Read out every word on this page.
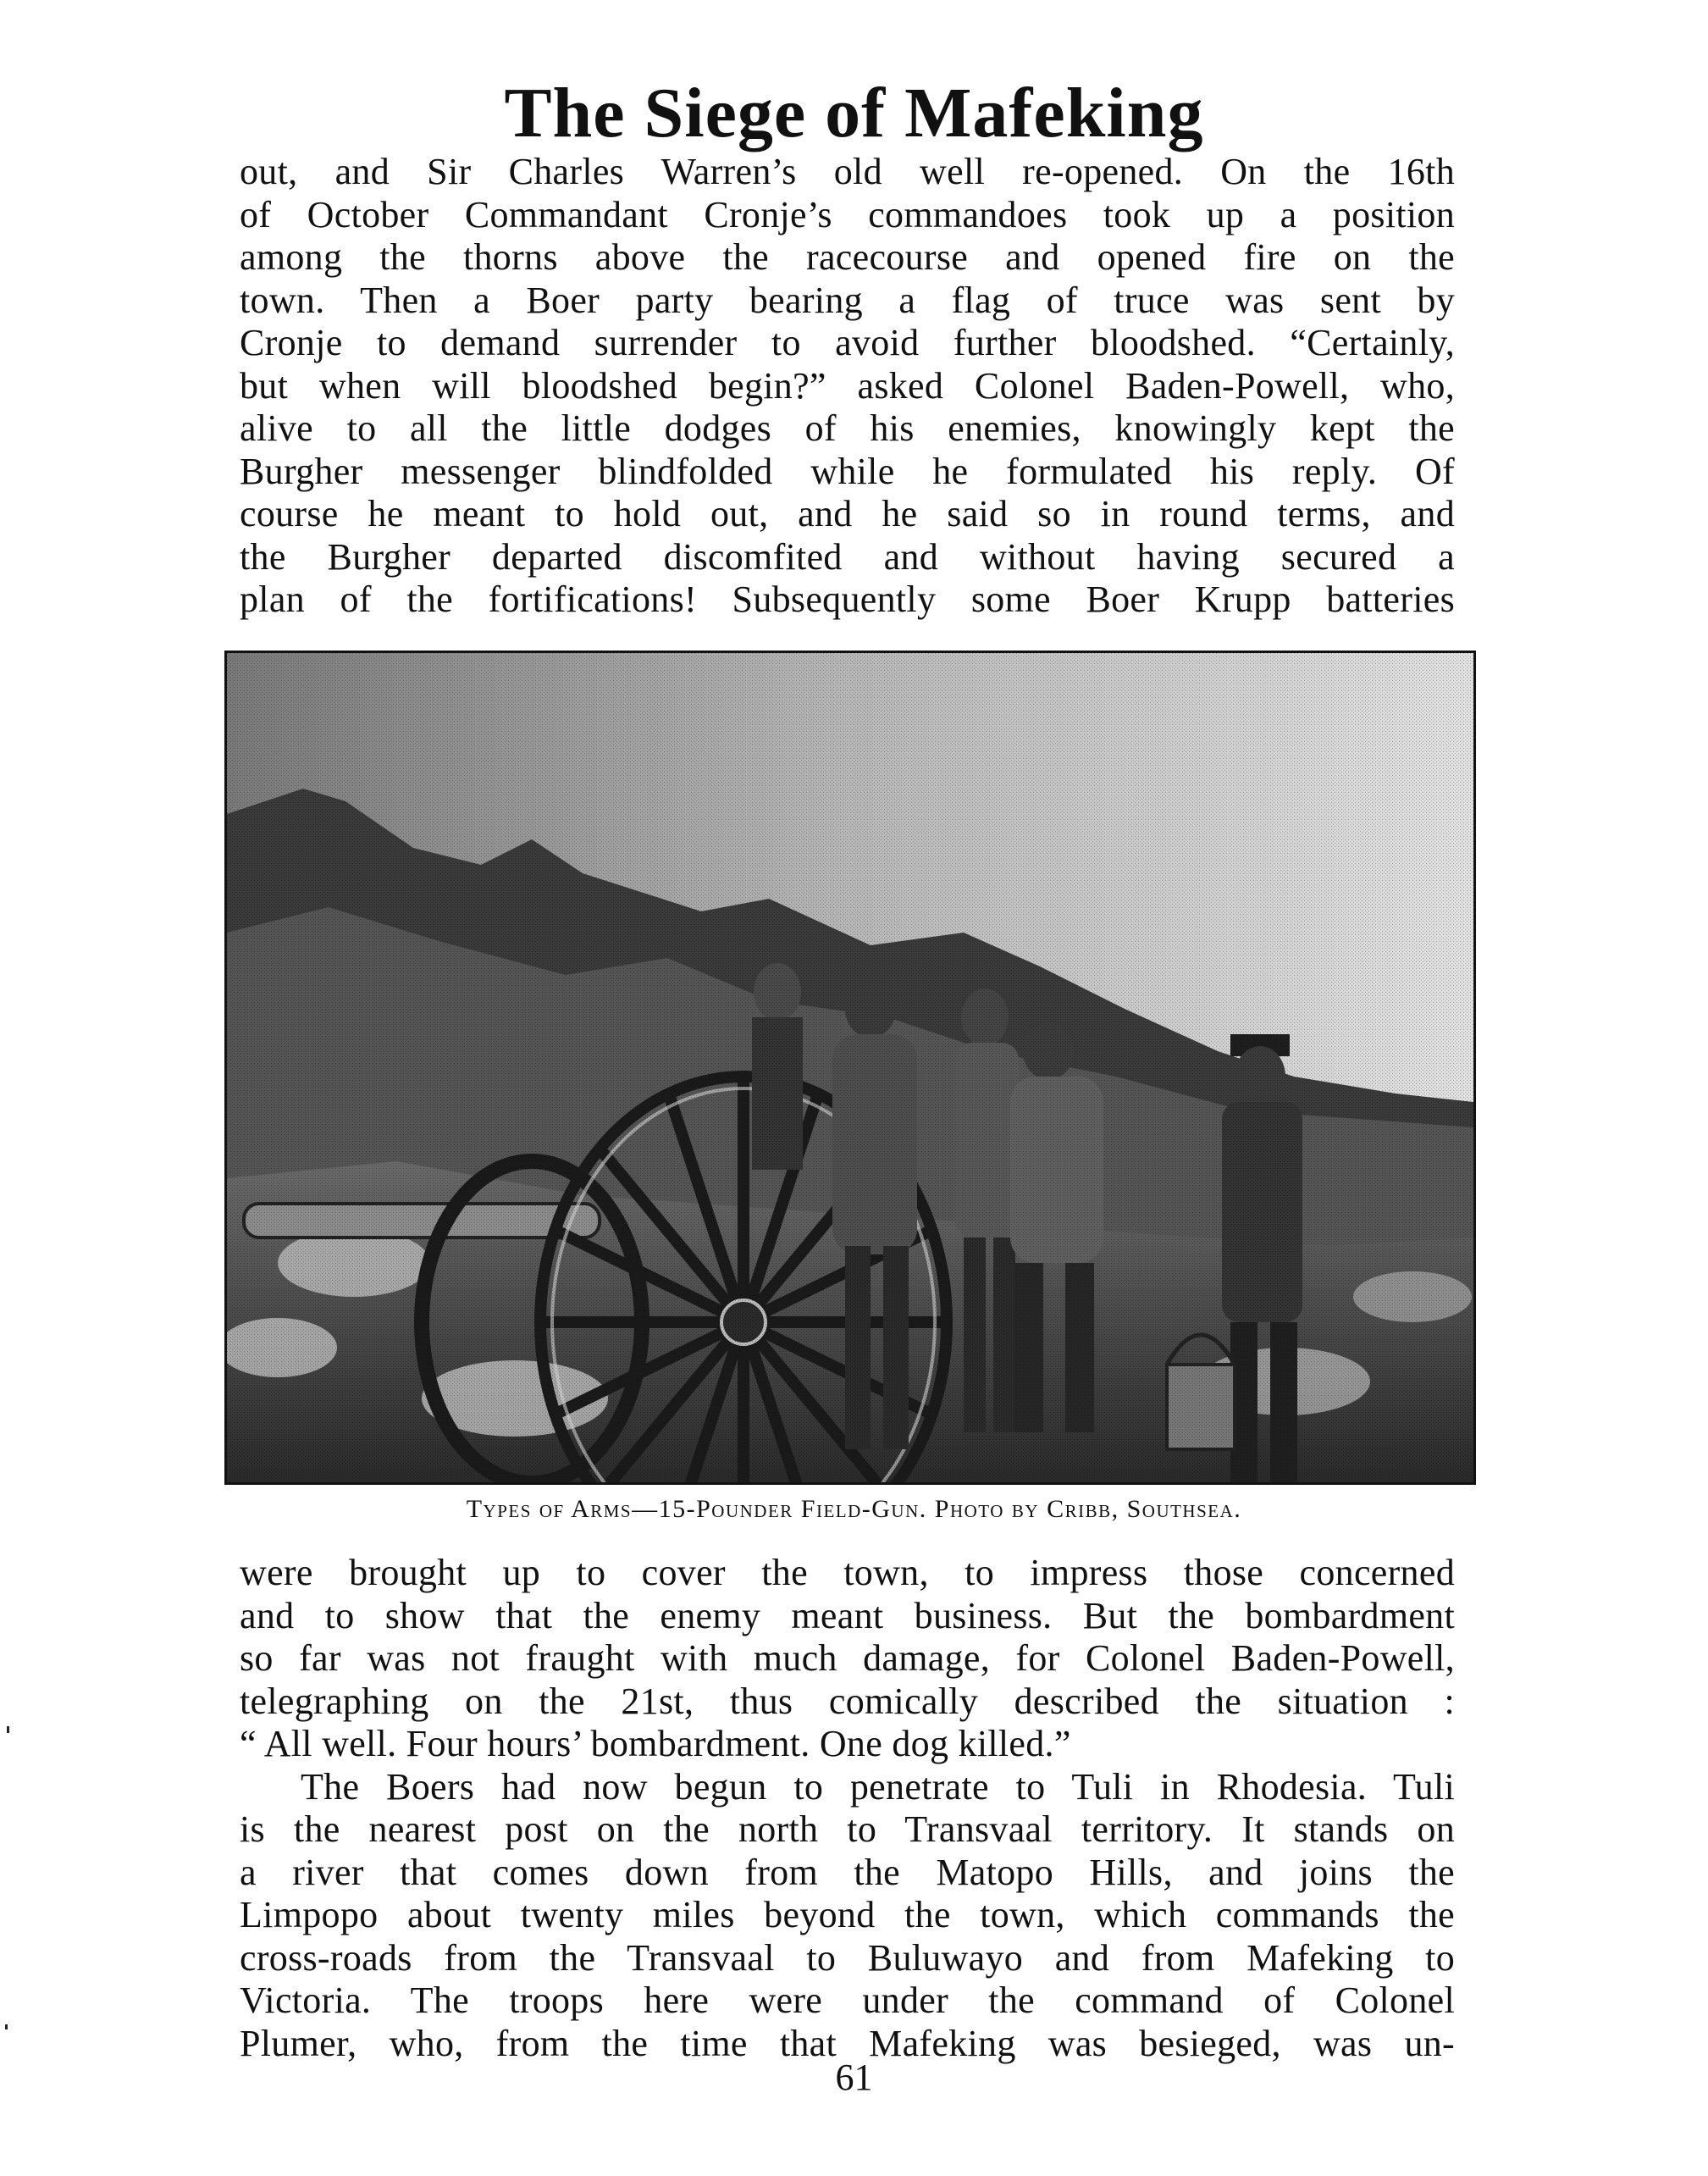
The Siege of Mafeking
out, and Sir Charles Warren’s old well re-opened. On the 16th
of October Commandant Cronje’s commandoes took up a position
among the thorns above the racecourse and opened fire on the
town. Then a Boer party bearing a flag of truce was sent by
Cronje to demand surrender to avoid further bloodshed. “Certainly,
but when will bloodshed begin?” asked Colonel Baden-Powell, who,
alive to all the little dodges of his enemies, knowingly kept the
Burgher messenger blindfolded while he formulated his reply. Of
course he meant to hold out, and he said so in round terms, and
the Burgher departed discomfited and without having secured a
plan of the fortifications! Subsequently some Boer Krupp batteries
Types of Arms—15-Pounder Field-Gun. Photo by Cribb, Southsea.
were brought up to cover the town, to impress those concerned
and to show that the enemy meant business. But the bombardment
so far was not fraught with much damage, for Colonel Baden-Powell,
telegraphing on the 21st, thus comically described the situation :
“ All well. Four hours’ bombardment. One dog killed.”
The Boers had now begun to penetrate to Tuli in Rhodesia. Tuli
is the nearest post on the north to Transvaal territory. It stands on
a river that comes down from the Matopo Hills, and joins the
Limpopo about twenty miles beyond the town, which commands the
cross-roads from the Transvaal to Buluwayo and from Mafeking to
Victoria. The troops here were under the command of Colonel
Plumer, who, from the time that Mafeking was besieged, was un-
61
